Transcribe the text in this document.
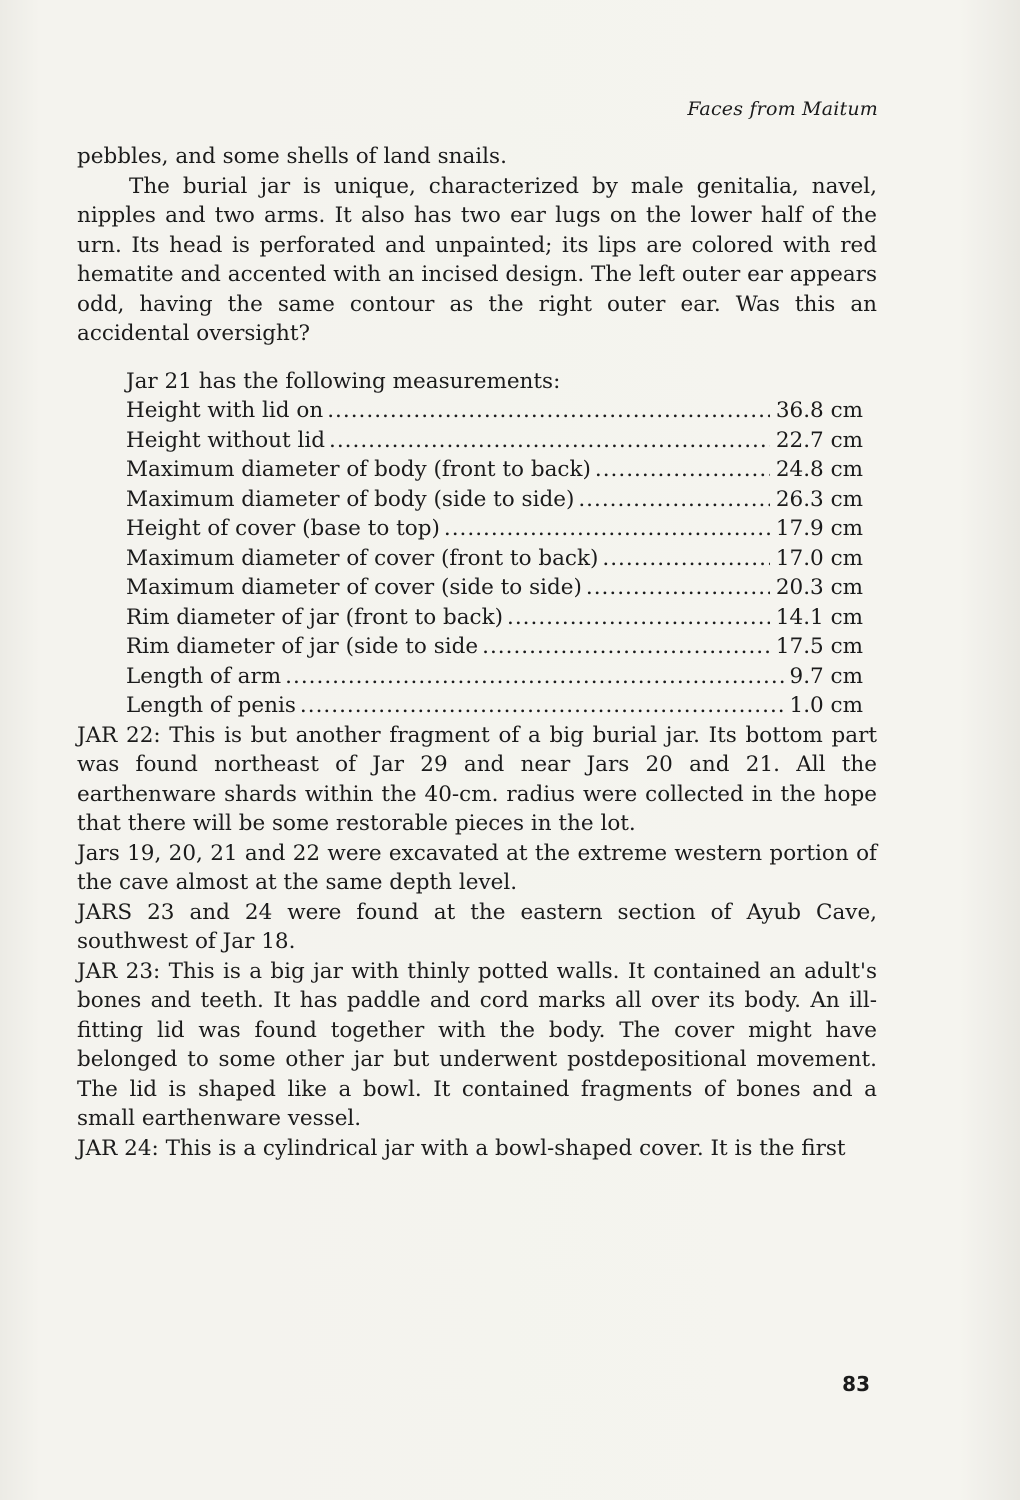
Faces from Maitum

pebbles, and some shells of land snails.

The burial jar is unique, characterized by male genitalia, navel, nipples and two arms. It also has two ear lugs on the lower half of the urn. Its head is perforated and unpainted; its lips are colored with red hematite and accented with an incised design. The left outer ear appears odd, having the same contour as the right outer ear. Was this an accidental oversight?

Jar 21 has the following measurements:

Height with lid on .....	36.8 cm
Height without lid .....	22.7 cm
Maximum diameter of body (front to back) .....	24.8 cm
Maximum diameter of body (side to side) .....	26.3 cm
Height of cover (base to top) .....	17.9 cm
Maximum diameter of cover (front to back) .....	17.0 cm
Maximum diameter of cover (side to side) .....	20.3 cm
Rim diameter of jar (front to back) .....	14.1 cm
Rim diameter of jar (side to side .....	17.5 cm
Length of arm .....	9.7 cm
Length of penis .....	1.0 cm

JAR 22: This is but another fragment of a big burial jar. Its bottom part was found northeast of Jar 29 and near Jars 20 and 21. All the earthenware shards within the 40-cm. radius were collected in the hope that there will be some restorable pieces in the lot.

Jars 19, 20, 21 and 22 were excavated at the extreme western portion of the cave almost at the same depth level.

JARS 23 and 24 were found at the eastern section of Ayub Cave, southwest of Jar 18.

JAR 23: This is a big jar with thinly potted walls. It contained an adult's bones and teeth. It has paddle and cord marks all over its body. An ill-fitting lid was found together with the body. The cover might have belonged to some other jar but underwent postdepositional movement. The lid is shaped like a bowl. It contained fragments of bones and a small earthenware vessel.

JAR 24: This is a cylindrical jar with a bowl-shaped cover. It is the first

83
